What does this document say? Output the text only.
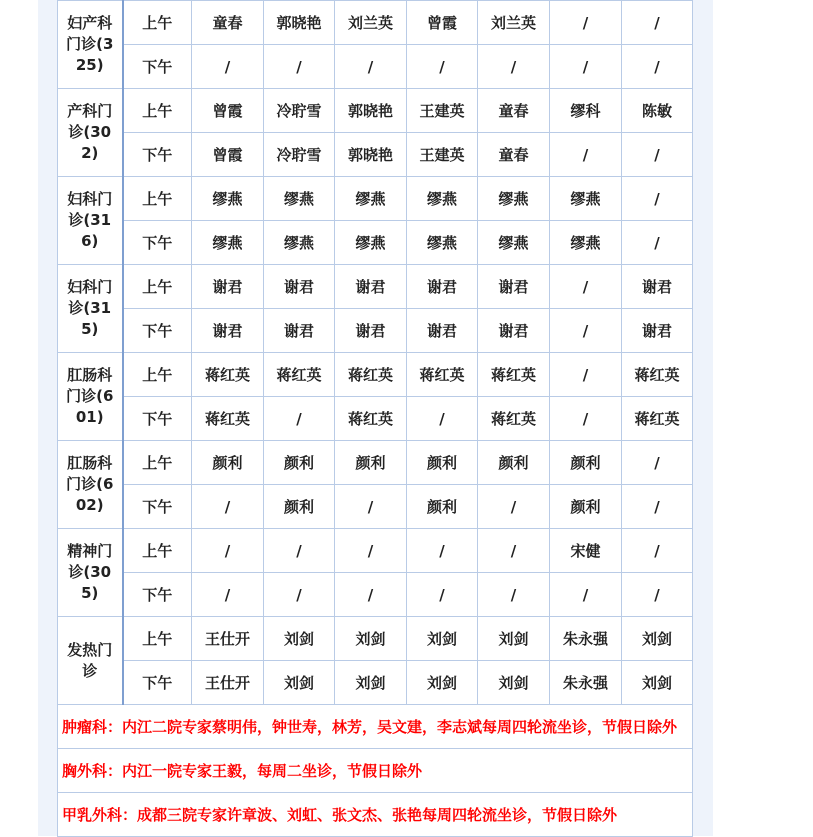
妇产科门诊(325)	上午	童春	郭晓艳	刘兰英	曾霞	刘兰英	/	/
	下午	/	/	/	/	/	/	/
产科门诊(302)	上午	曾霞	冷聍雪	郭晓艳	王建英	童春	缪科	陈敏
	下午	曾霞	冷聍雪	郭晓艳	王建英	童春	/	/
妇科门诊(316)	上午	缪燕	缪燕	缪燕	缪燕	缪燕	缪燕	/
	下午	缪燕	缪燕	缪燕	缪燕	缪燕	缪燕	/
妇科门诊(315)	上午	谢君	谢君	谢君	谢君	谢君	/	谢君
	下午	谢君	谢君	谢君	谢君	谢君	/	谢君
肛肠科门诊(601)	上午	蒋红英	蒋红英	蒋红英	蒋红英	蒋红英	/	蒋红英
	下午	蒋红英	/	蒋红英	/	蒋红英	/	蒋红英
肛肠科门诊(602)	上午	颜利	颜利	颜利	颜利	颜利	颜利	/
	下午	/	颜利	/	颜利	/	颜利	/
精神门诊(305)	上午	/	/	/	/	/	宋健	/
	下午	/	/	/	/	/	/	/
发热门诊	上午	王仕开	刘剑	刘剑	刘剑	刘剑	朱永强	刘剑
	下午	王仕开	刘剑	刘剑	刘剑	刘剑	朱永强	刘剑
肿瘤科：内江二院专家蔡明伟，钟世寿，林芳，吴文建，李志斌每周四轮流坐诊，节假日除外								
胸外科：内江一院专家王毅，每周二坐诊，节假日除外								
甲乳外科：成都三院专家许章波、刘虹、张文杰、张艳每周四轮流坐诊，节假日除外								
